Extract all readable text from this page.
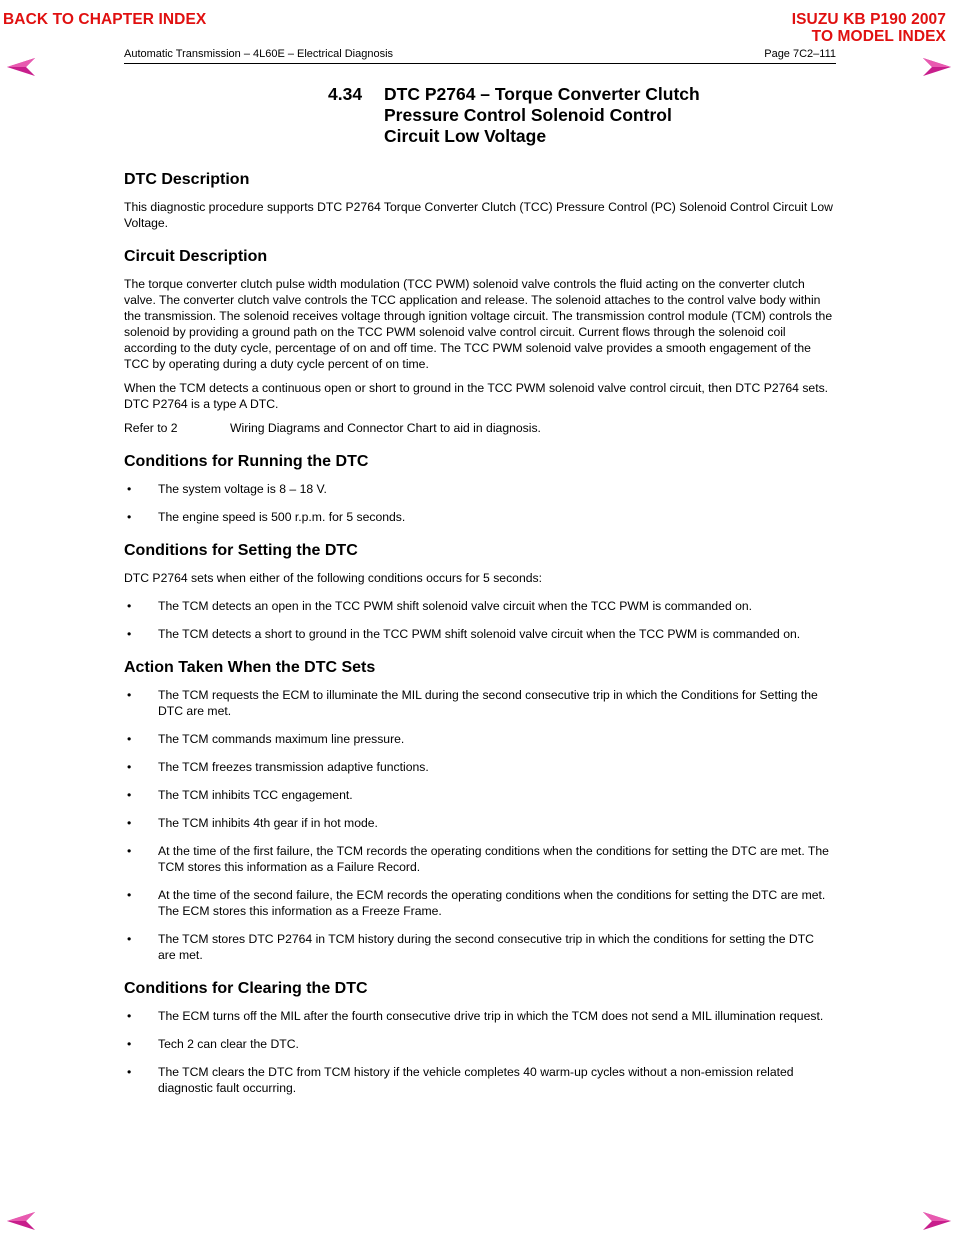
BACK TO CHAPTER INDEX	ISUZU KB P190 2007
TO MODEL INDEX
Automatic Transmission – 4L60E – Electrical Diagnosis	Page 7C2–111
4.34 DTC P2764 – Torque Converter Clutch
Pressure Control Solenoid Control
Circuit Low Voltage
DTC Description

This diagnostic procedure supports DTC P2764 Torque Converter Clutch (TCC) Pressure Control (PC) Solenoid Control Circuit Low Voltage.

Circuit Description

The torque converter clutch pulse width modulation (TCC PWM) solenoid valve controls the fluid acting on the converter clutch valve. The converter clutch valve controls the TCC application and release. The solenoid attaches to the control valve body within the transmission. The solenoid receives voltage through ignition voltage circuit. The transmission control module (TCM) controls the solenoid by providing a ground path on the TCC PWM solenoid valve control circuit. Current flows through the solenoid coil according to the duty cycle, percentage of on and off time. The TCC PWM solenoid valve provides a smooth engagement of the TCC by operating during a duty cycle percent of on time.

When the TCM detects a continuous open or short to ground in the TCC PWM solenoid valve control circuit, then DTC P2764 sets. DTC P2764 is a type A DTC.

Refer to 2	Wiring Diagrams and Connector Chart to aid in diagnosis.

Conditions for Running the DTC
• The system voltage is 8 – 18 V.
• The engine speed is 500 r.p.m. for 5 seconds.
Conditions for Setting the DTC

DTC P2764 sets when either of the following conditions occurs for 5 seconds:

• The TCM detects an open in the TCC PWM shift solenoid valve circuit when the TCC PWM is commanded on.
• The TCM detects a short to ground in the TCC PWM shift solenoid valve circuit when the TCC PWM is commanded on.
Action Taken When the DTC Sets
• The TCM requests the ECM to illuminate the MIL during the second consecutive trip in which the Conditions for Setting the DTC are met.
• The TCM commands maximum line pressure.
• The TCM freezes transmission adaptive functions.
• The TCM inhibits TCC engagement.
• The TCM inhibits 4th gear if in hot mode.
• At the time of the first failure, the TCM records the operating conditions when the conditions for setting the DTC are met. The TCM stores this information as a Failure Record.
• At the time of the second failure, the ECM records the operating conditions when the conditions for setting the DTC are met. The ECM stores this information as a Freeze Frame.
• The TCM stores DTC P2764 in TCM history during the second consecutive trip in which the conditions for setting the DTC are met.
Conditions for Clearing the DTC
• The ECM turns off the MIL after the fourth consecutive drive trip in which the TCM does not send a MIL illumination request.
• Tech 2 can clear the DTC.
• The TCM clears the DTC from TCM history if the vehicle completes 40 warm-up cycles without a non-emission related diagnostic fault occurring.
